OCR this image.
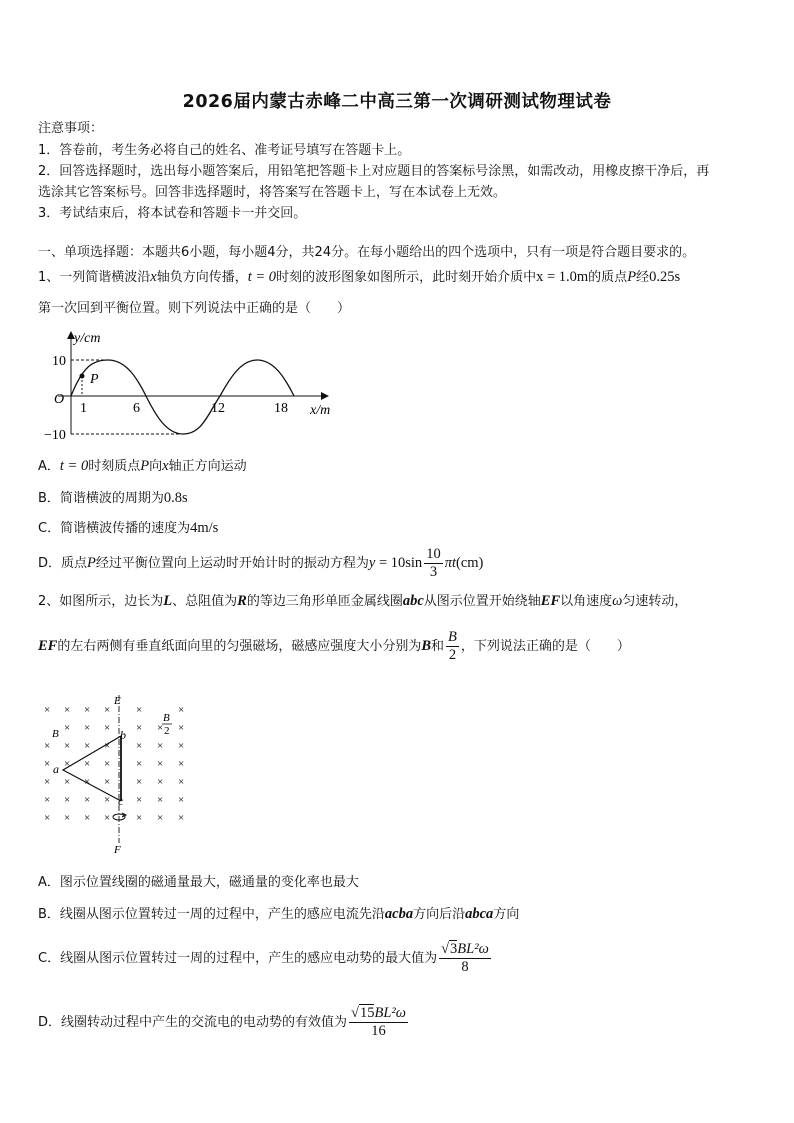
2026届内蒙古赤峰二中高三第一次调研测试物理试卷
注意事项：
1．答卷前，考生务必将自己的姓名、准考证号填写在答题卡上。
2．回答选择题时，选出每小题答案后，用铅笔把答题卡上对应题目的答案标号涂黑，如需改动，用橡皮擦干净后，再
选涂其它答案标号。回答非选择题时，将答案写在答题卡上，写在本试卷上无效。
3．考试结束后，将本试卷和答题卡一并交回。
一、单项选择题：本题共6小题，每小题4分，共24分。在每小题给出的四个选项中，只有一项是符合题目要求的。
1、一列简谐横波沿x轴负方向传播，t = 0时刻的波形图象如图所示，此时刻开始介质中x = 1.0m的质点P经0.25s
第一次回到平衡位置。则下列说法中正确的是（　　）
y/cm
x/m
O
P
10
−10
1	6	12	18
A．t = 0时刻质点P向x轴正方向运动
B．简谐横波的周期为0.8s
C．简谐横波传播的速度为4m/s
D．质点P经过平衡位置向上运动时开始计时的振动方程为$y = 10\sin \frac{10}{3} \pi t(cm)$
2、如图所示，边长为L、总阻值为R的等边三角形单匝金属线圈abc从图示位置开始绕轴EF以角速度ω匀速转动，
EF的左右两侧有垂直纸面向里的匀强磁场，磁感应强度大小分别为B和 $\frac{B}{2}$ ，下列说法正确的是（　　）
× × × × ×	×
× × × × × ×
× × × × × × ×
× × × × × × ×
× × × × × × ×
× × × × × × ×
× × × × × × ×
E
F
a
b
c
B
B
2
A．图示位置线圈的磁通量最大，磁通量的变化率也最大
B．线圈从图示位置转过一周的过程中，产生的感应电流先沿acba方向后沿abca方向
C．线圈从图示位置转过一周的过程中，产生的感应电动势的最大值为 $\frac{\text{√3BL²ω}}{8}$
D．线圈转动过程中产生的交流电的电动势的有效值为 $\frac{\text{√15BL²ω}}{16}$
